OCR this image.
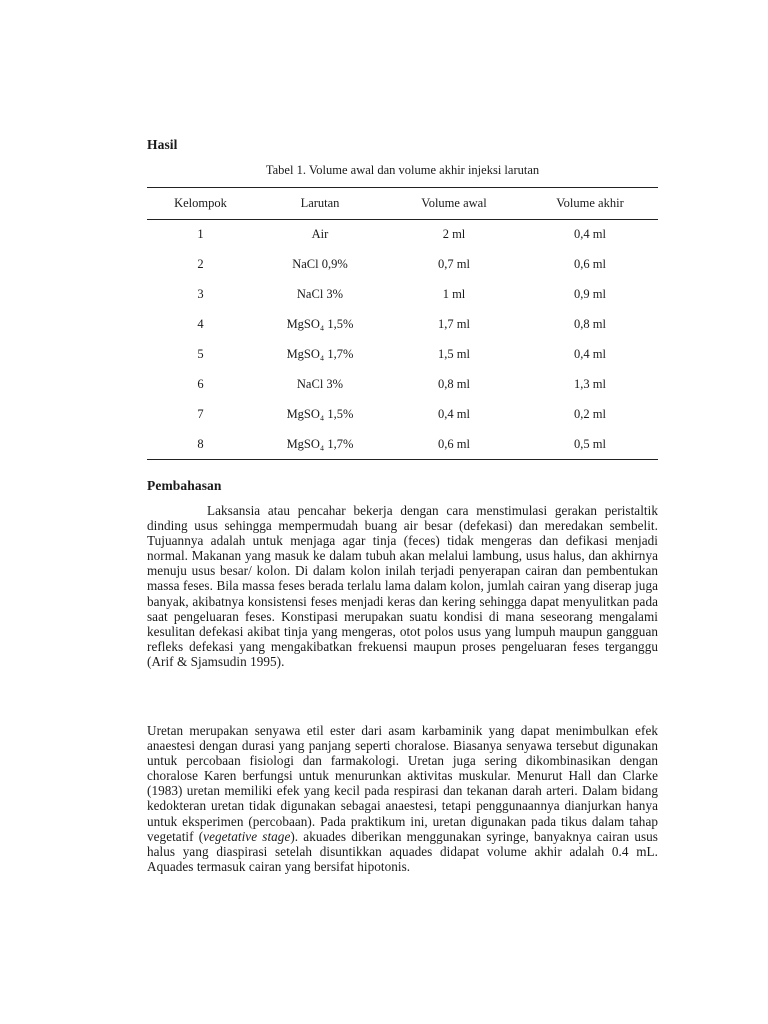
Hasil
Tabel 1. Volume awal dan volume akhir injeksi larutan
Kelompok	Larutan	Volume awal	Volume akhir
1	Air	2 ml	0,4 ml
2	NaCl 0,9%	0,7 ml	0,6 ml
3	NaCl 3%	1 ml	0,9 ml
4	MgSO₄ 1,5%	1,7 ml	0,8 ml
5	MgSO₄ 1,7%	1,5 ml	0,4 ml
6	NaCl 3%	0,8 ml	1,3 ml
7	MgSO₄ 1,5%	0,4 ml	0,2 ml
8	MgSO₄ 1,7%	0,6 ml	0,5 ml
Pembahasan

Laksansia atau pencahar bekerja dengan cara menstimulasi gerakan peristaltik dinding usus sehingga mempermudah buang air besar (defekasi) dan meredakan sembelit. Tujuannya adalah untuk menjaga agar tinja (feces) tidak mengeras dan defikasi menjadi normal. Makanan yang masuk ke dalam tubuh akan melalui lambung, usus halus, dan akhirnya menuju usus besar/ kolon. Di dalam kolon inilah terjadi penyerapan cairan dan pembentukan massa feses. Bila massa feses berada terlalu lama dalam kolon, jumlah cairan yang diserap juga banyak, akibatnya konsistensi feses menjadi keras dan kering sehingga dapat menyulitkan pada saat pengeluaran feses. Konstipasi merupakan suatu kondisi di mana seseorang mengalami kesulitan defekasi akibat tinja yang mengeras, otot polos usus yang lumpuh maupun gangguan refleks defekasi yang mengakibatkan frekuensi maupun proses pengeluaran feses terganggu (Arif & Sjamsudin 1995).

Uretan merupakan senyawa etil ester dari asam karbaminik yang dapat menimbulkan efek anaestesi dengan durasi yang panjang seperti choralose. Biasanya senyawa tersebut digunakan untuk percobaan fisiologi dan farmakologi. Uretan juga sering dikombinasikan dengan choralose Karen berfungsi untuk menurunkan aktivitas muskular. Menurut Hall dan Clarke (1983) uretan memiliki efek yang kecil pada respirasi dan tekanan darah arteri. Dalam bidang kedokteran uretan tidak digunakan sebagai anaestesi, tetapi penggunaannya dianjurkan hanya untuk eksperimen (percobaan). Pada praktikum ini, uretan digunakan pada tikus dalam tahap vegetatif (vegetative stage). akuades diberikan menggunakan syringe, banyaknya cairan usus halus yang diaspirasi setelah disuntikkan aquades didapat volume akhir adalah 0.4 mL. Aquades termasuk cairan yang bersifat hipotonis.
